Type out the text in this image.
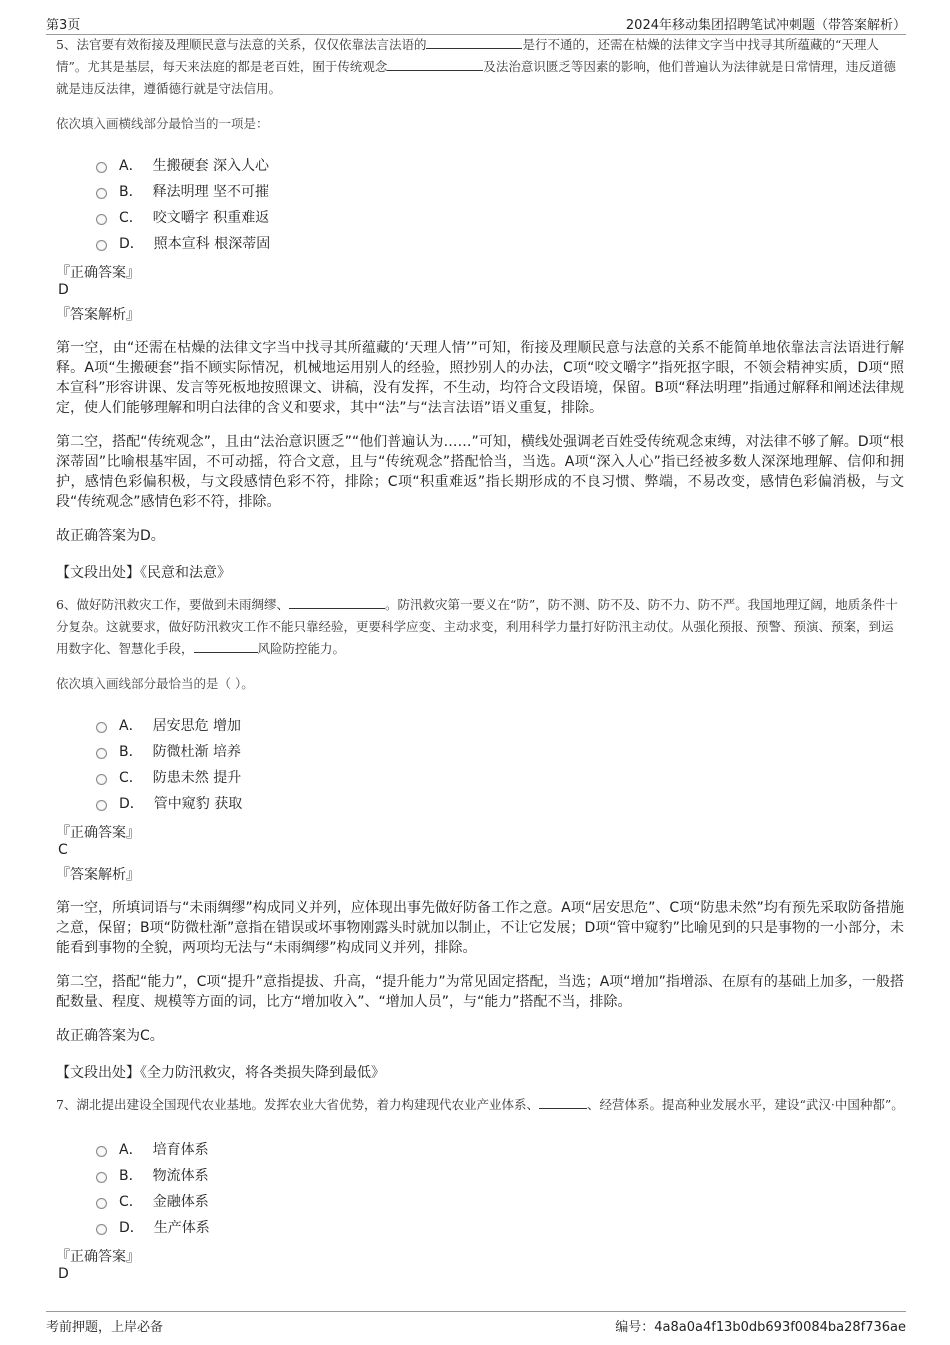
第3页	2024年移动集团招聘笔试冲刺题（带答案解析）
5、法官要有效衔接及理顺民意与法意的关系，仅仅依靠法言法语的	是行不通的，还需在枯燥的法律文字当中找寻其所蕴藏的“天理人情”。尤其是基层，每天来法庭的都是老百姓，囿于传统观念	及法治意识匮乏等因素的影响，他们普遍认为法律就是日常情理，违反道德就是违反法律，遵循德行就是守法信用。
依次填入画横线部分最恰当的一项是：
A． 生搬硬套 深入人心
B． 释法明理 坚不可摧
C． 咬文嚼字 积重难返
D． 照本宣科 根深蒂固
『正确答案』
D
『答案解析』
第一空，由“还需在枯燥的法律文字当中找寻其所蕴藏的‘天理人情’”可知，衔接及理顺民意与法意的关系不能简单地依靠法言法语进行解释。A项“生搬硬套”指不顾实际情况，机械地运用别人的经验，照抄别人的办法，C项“咬文嚼字”指死抠字眼，不领会精神实质，D项“照本宣科”形容讲课、发言等死板地按照课文、讲稿，没有发挥，不生动，均符合文段语境，保留。B项“释法明理”指通过解释和阐述法律规定，使人们能够理解和明白法律的含义和要求，其中“法”与“法言法语”语义重复，排除。
第二空，搭配“传统观念”，且由“法治意识匮乏”“他们普遍认为……”可知，横线处强调老百姓受传统观念束缚，对法律不够了解。D项“根深蒂固”比喻根基牢固，不可动摇，符合文意，且与“传统观念”搭配恰当，当选。A项“深入人心”指已经被多数人深深地理解、信仰和拥护，感情色彩偏积极，与文段感情色彩不符，排除；C项“积重难返”指长期形成的不良习惯、弊端，不易改变，感情色彩偏消极，与文段“传统观念”感情色彩不符，排除。
故正确答案为D。
【文段出处】《民意和法意》
6、做好防汛救灾工作，要做到未雨绸缪、	。防汛救灾第一要义在“防”，防不测、防不及、防不力、防不严。我国地理辽阔，地质条件十分复杂。这就要求，做好防汛救灾工作不能只靠经验，更要科学应变、主动求变，利用科学力量打好防汛主动仗。从强化预报、预警、预演、预案，到运用数字化、智慧化手段，	风险防控能力。
依次填入画线部分最恰当的是（ ）。
A． 居安思危 增加
B． 防微杜渐 培养
C． 防患未然 提升
D． 管中窥豹 获取
『正确答案』
C
『答案解析』
第一空，所填词语与“未雨绸缪”构成同义并列，应体现出事先做好防备工作之意。A项“居安思危”、C项“防患未然”均有预先采取防备措施之意，保留；B项“防微杜渐”意指在错误或坏事物刚露头时就加以制止，不让它发展；D项“管中窥豹”比喻见到的只是事物的一小部分，未能看到事物的全貌，两项均无法与“未雨绸缪”构成同义并列，排除。
第二空，搭配“能力”，C项“提升”意指提拔、升高，“提升能力”为常见固定搭配，当选；A项“增加”指增添、在原有的基础上加多，一般搭配数量、程度、规模等方面的词，比方“增加收入”、“增加人员”，与“能力”搭配不当，排除。
故正确答案为C。
【文段出处】《全力防汛救灾，将各类损失降到最低》
7、湖北提出建设全国现代农业基地。发挥农业大省优势，着力构建现代农业产业体系、	、经营体系。提高种业发展水平，建设“武汉·中国种都”。
A． 培育体系
B． 物流体系
C． 金融体系
D． 生产体系
『正确答案』
D
考前押题，上岸必备	编号：4a8a0a4f13b0db693f0084ba28f736ae
